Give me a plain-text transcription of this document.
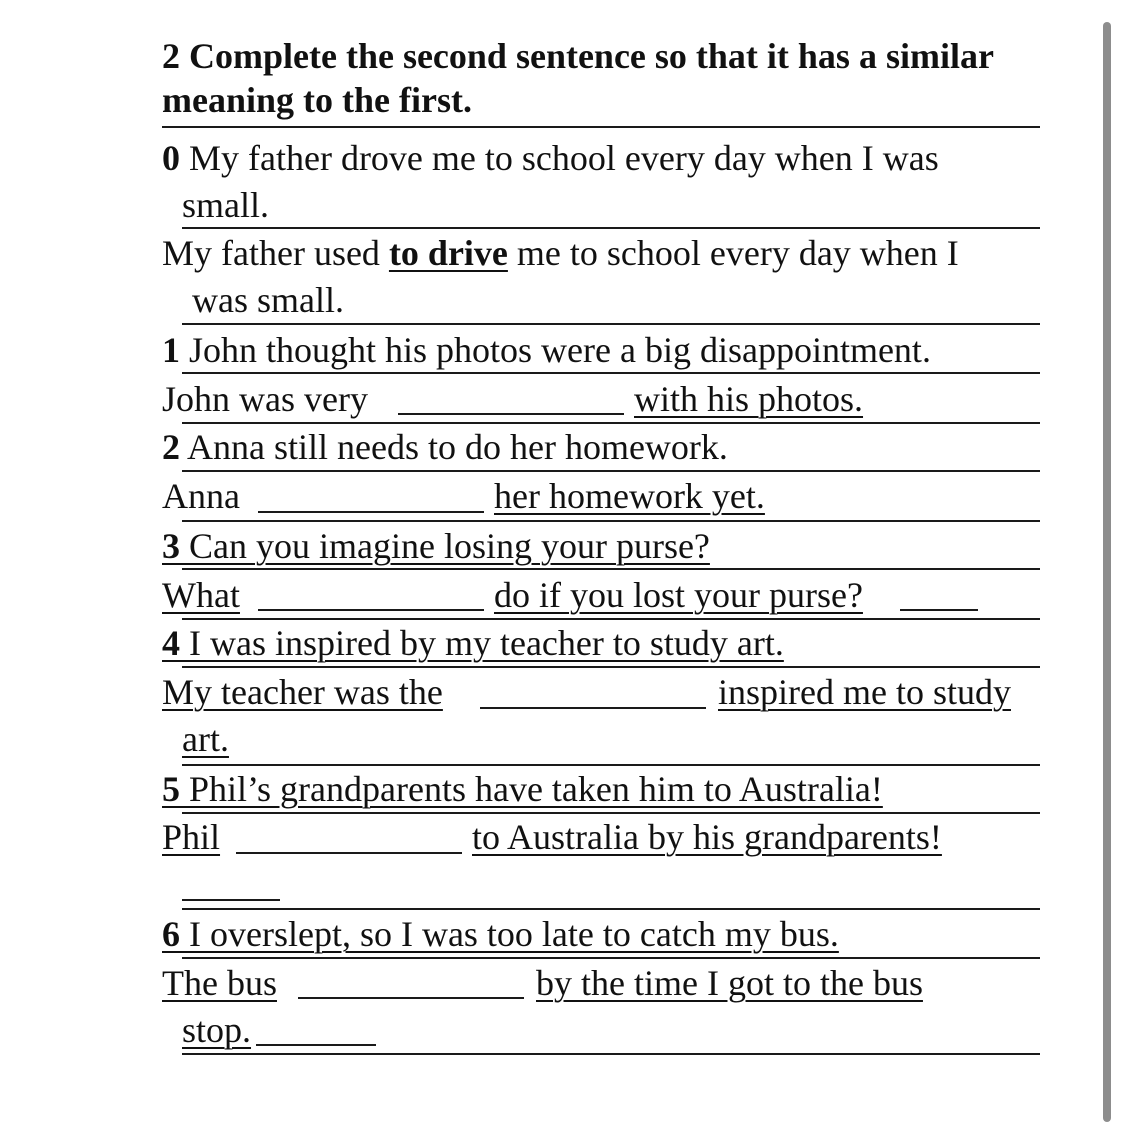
2 Complete the second sentence so that it has a similar meaning to the first.
0 My father drove me to school every day when I was
small.
My father used to drive me to school every day when I
was small.
1 John thought his photos were a big disappointment.
John was very	with his photos.
2 Anna still needs to do her homework.
Anna	her homework yet.
3 Can you imagine losing your purse?
What	do if you lost your purse?
4 I was inspired by my teacher to study art.
My teacher was the	inspired me to study
art.
5 Phil’s grandparents have taken him to Australia!
Phil	to Australia by his grandparents!
6 I overslept, so I was too late to catch my bus.
The bus	by the time I got to the bus
stop.
